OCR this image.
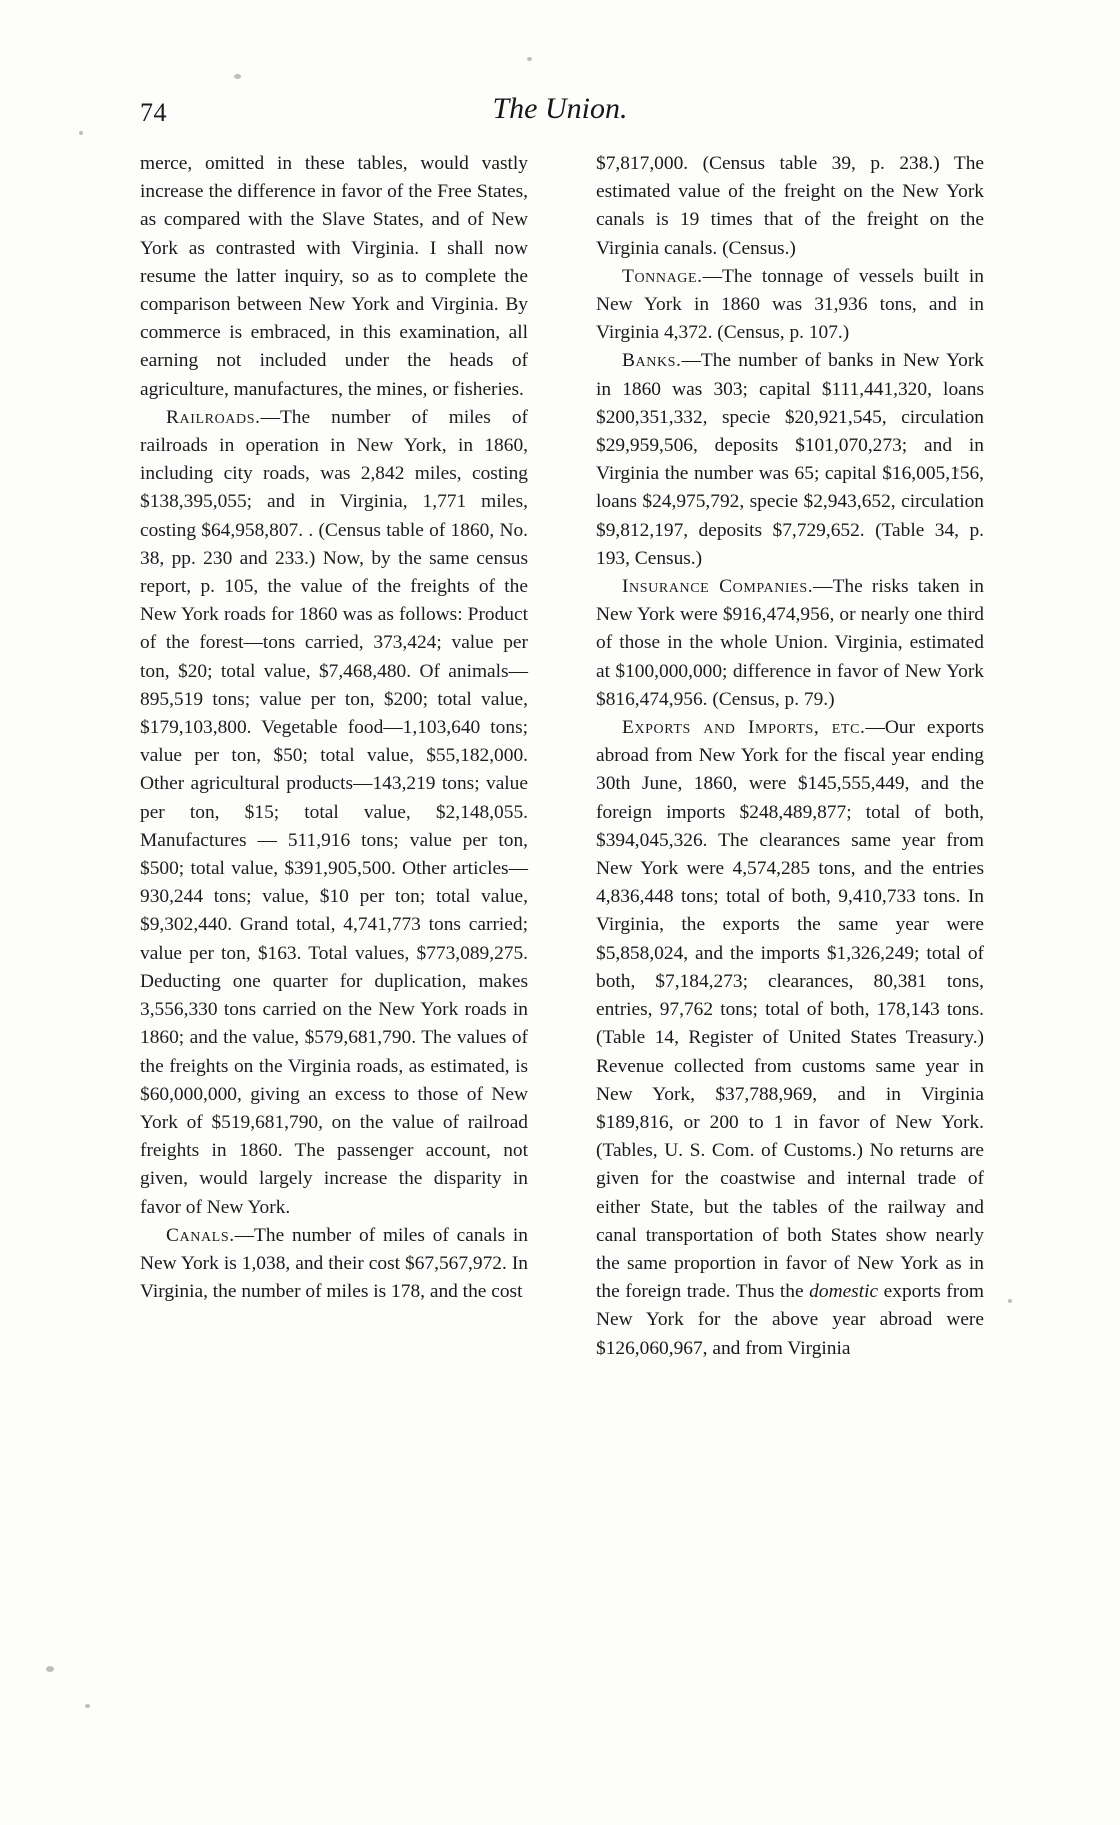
74	The Union.

merce, omitted in these tables, would vastly increase the difference in favor of the Free States, as compared with the Slave States, and of New York as contrasted with Virginia. I shall now resume the latter inquiry, so as to complete the comparison between New York and Virginia. By commerce is embraced, in this examination, all earning not included under the heads of agriculture, manufactures, the mines, or fisheries.

Railroads.—The number of miles of railroads in operation in New York, in 1860, including city roads, was 2,842 miles, costing $138,395,055; and in Virginia, 1,771 miles, costing $64,958,807. . (Census table of 1860, No. 38, pp. 230 and 233.) Now, by the same census report, p. 105, the value of the freights of the New York roads for 1860 was as follows: Product of the forest—tons carried, 373,424; value per ton, $20; total value, $7,468,480. Of animals—895,519 tons; value per ton, $200; total value, $179,103,800. Vegetable food—1,103,640 tons; value per ton, $50; total value, $55,182,000. Other agricultural products—143,219 tons; value per ton, $15; total value, $2,148,055. Manufactures — 511,916 tons; value per ton, $500; total value, $391,905,500. Other articles—930,244 tons; value, $10 per ton; total value, $9,302,440. Grand total, 4,741,773 tons carried; value per ton, $163. Total values, $773,089,275. Deducting one quarter for duplication, makes 3,556,330 tons carried on the New York roads in 1860; and the value, $579,681,790. The values of the freights on the Virginia roads, as estimated, is $60,000,000, giving an excess to those of New York of $519,681,790, on the value of railroad freights in 1860. The passenger account, not given, would largely increase the disparity in favor of New York.

Canals.—The number of miles of canals in New York is 1,038, and their cost $67,567,972. In Virginia, the number of miles is 178, and the cost

$7,817,000. (Census table 39, p. 238.) The estimated value of the freight on the New York canals is 19 times that of the freight on the Virginia canals. (Census.)

Tonnage.—The tonnage of vessels built in New York in 1860 was 31,936 tons, and in Virginia 4,372. (Census, p. 107.)

Banks.—The number of banks in New York in 1860 was 303; capital $111,441,320, loans $200,351,332, specie $20,921,545, circulation $29,959,506, deposits $101,070,273; and in Virginia the number was 65; capital $16,005,156, loans $24,975,792, specie $2,943,652, circulation $9,812,197, deposits $7,729,652. (Table 34, p. 193, Census.)

Insurance Companies.—The risks taken in New York were $916,474,956, or nearly one third of those in the whole Union. Virginia, estimated at $100,000,000; difference in favor of New York $816,474,956. (Census, p. 79.)

Exports and Imports, etc.—Our exports abroad from New York for the fiscal year ending 30th June, 1860, were $145,555,449, and the foreign imports $248,489,877; total of both, $394,045,326. The clearances same year from New York were 4,574,285 tons, and the entries 4,836,448 tons; total of both, 9,410,733 tons. In Virginia, the exports the same year were $5,858,024, and the imports $1,326,249; total of both, $7,184,273; clearances, 80,381 tons, entries, 97,762 tons; total of both, 178,143 tons. (Table 14, Register of United States Treasury.) Revenue collected from customs same year in New York, $37,788,969, and in Virginia $189,816, or 200 to 1 in favor of New York. (Tables, U. S. Com. of Customs.) No returns are given for the coastwise and internal trade of either State, but the tables of the railway and canal transportation of both States show nearly the same proportion in favor of New York as in the foreign trade. Thus the domestic exports from New York for the above year abroad were $126,060,967, and from Virginia
